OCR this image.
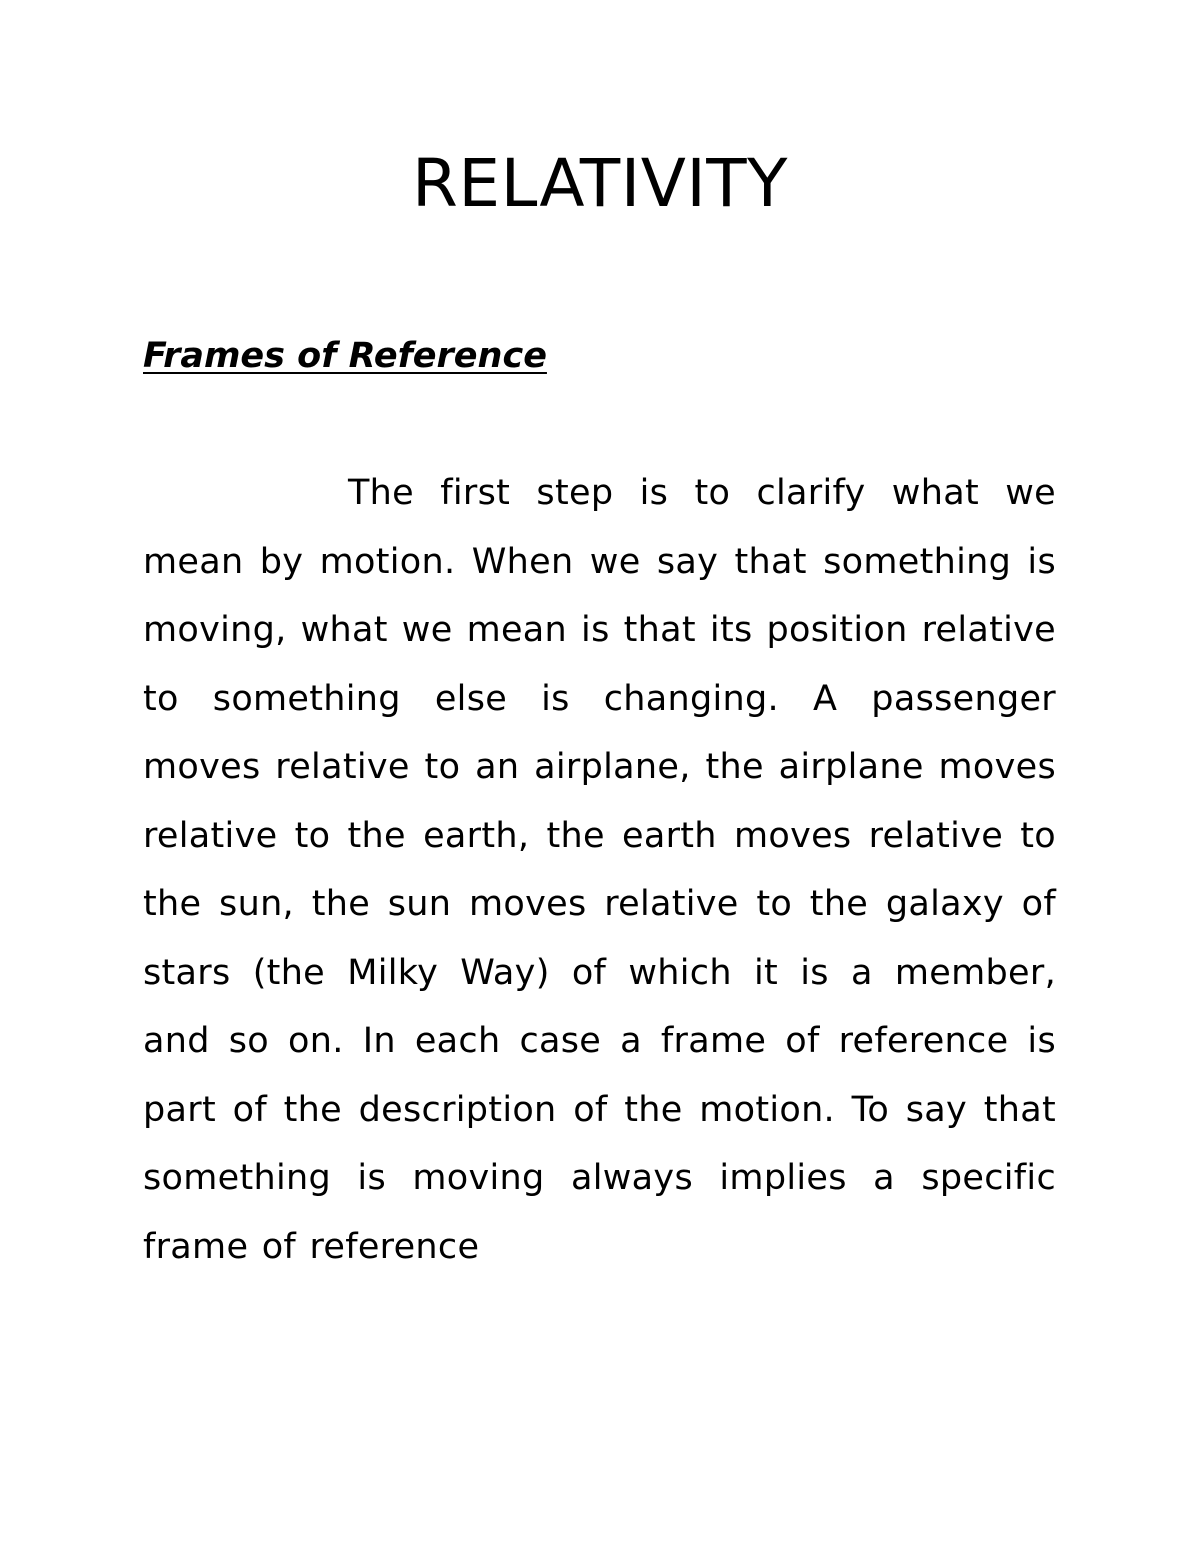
RELATIVITY
Frames of Reference

The first step is to clarify what we mean by motion. When we say that something is moving, what we mean is that its position relative to something else is changing. A passenger moves relative to an airplane, the airplane moves relative to the earth, the earth moves relative to the sun, the sun moves relative to the galaxy of stars (the Milky Way) of which it is a member, and so on. In each case a frame of reference is part of the description of the motion. To say that something is moving always implies a specific frame of reference
